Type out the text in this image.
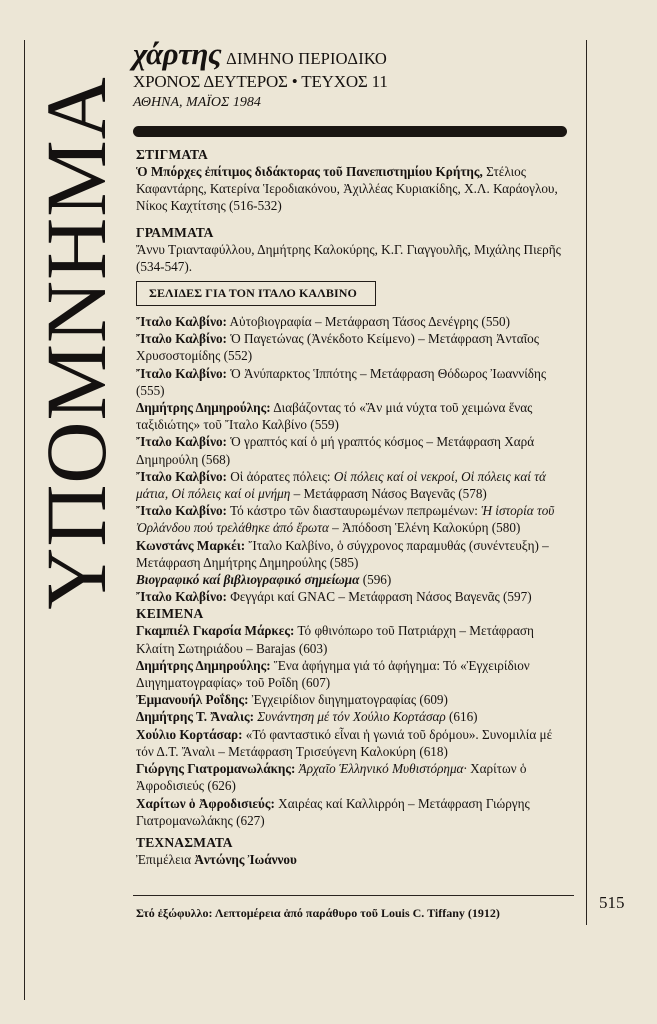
ΥΠΟΜΝΗΜΑ
χάρτης ΔΙΜΗΝΟ ΠΕΡΙΟΔΙΚΟ
ΧΡΟΝΟΣ ΔΕΥΤΕΡΟΣ • ΤΕΥΧΟΣ 11
ΑΘΗΝΑ, ΜΑΪΟΣ 1984
ΣΤΙΓΜΑΤΑ

Ὁ Μπόρχες ἐπίτιμος διδάκτορας τοῦ Πανεπιστημίου Κρήτης, Στέλιος Καφαντάρης, Κατερίνα Ἱεροδιακόνου, Ἀχιλλέας Κυριακίδης, Χ.Λ. Καράογλου, Νίκος Καχτίτσης (516-532)

ΓΡΑΜΜΑΤΑ

Ἄννυ Τριανταφύλλου, Δημήτρης Καλοκύρης, Κ.Γ. Γιαγγουλῆς, Μιχάλης Πιερῆς (534-547).

ΣΕΛΙΔΕΣ ΓΙΑ ΤΟΝ ΙΤΑΛΟ ΚΑΛΒΙΝΟ

Ἴταλο Καλβίνο: Αὐτοβιογραφία – Μετάφραση Τάσος Δενέγρης (550)

Ἴταλο Καλβίνο: Ὁ Παγετώνας (Ἀνέκδοτο Κείμενο) – Μετάφραση Ἀνταῖος Χρυσοστομίδης (552)

Ἴταλο Καλβίνο: Ὁ Ἀνύπαρκτος Ἱππότης – Μετάφραση Θόδωρος Ἰωαννίδης (555)

Δημήτρης Δημηρούλης: Διαβάζοντας τό «Ἄν μιά νύχτα τοῦ χειμώνα ἕνας ταξιδιώτης» τοῦ Ἴταλο Καλβίνο (559)

Ἴταλο Καλβίνο: Ὁ γραπτός καί ὁ μή γραπτός κόσμος – Μετάφραση Χαρά Δημηρούλη (568)

Ἴταλο Καλβίνο: Οἱ ἀόρατες πόλεις: Οἱ πόλεις καί οἱ νεκροί, Οἱ πόλεις καί τά μάτια, Οἱ πόλεις καί οἱ μνήμη – Μετάφραση Νάσος Βαγενᾶς (578)

Ἴταλο Καλβίνο: Τό κάστρο τῶν διασταυρωμένων πεπρωμένων: Ἡ ἱστορία τοῦ Ὀρλάνδου πού τρελάθηκε ἀπό ἔρωτα – Ἀπόδοση Ἑλένη Καλοκύρη (580)

Κωνστάνς Μαρκέι: Ἴταλο Καλβίνο, ὁ σύγχρονος παραμυθάς (συνέντευξη) – Μετάφραση Δημήτρης Δημηρούλης (585)

Βιογραφικό καί βιβλιογραφικό σημείωμα (596)

Ἴταλο Καλβίνο: Φεγγάρι καί GNAC – Μετάφραση Νάσος Βαγενᾶς (597)

ΚΕΙΜΕΝΑ

Γκαμπιέλ Γκαρσία Μάρκες: Τό φθινόπωρο τοῦ Πατριάρχη – Μετάφραση Κλαίτη Σωτηριάδου – Barajas (603)

Δημήτρης Δημηρούλης: Ἕνα ἀφήγημα γιά τό ἀφήγημα: Τό «Ἐγχειρίδιον Διηγηματογραφίας» τοῦ Ροΐδη (607)

Ἐμμανουήλ Ροΐδης: Ἐγχειρίδιον διηγηματογραφίας (609)

Δημήτρης Τ. Ἄναλις: Συνάντηση μέ τόν Χούλιο Κορτάσαρ (616)

Χούλιο Κορτάσαρ: «Τό φανταστικό εἶναι ἡ γωνιά τοῦ δρόμου». Συνομιλία μέ τόν Δ.Τ. Ἄναλι – Μετάφραση Τρισεύγενη Καλοκύρη (618)

Γιώργης Γιατρομανωλάκης: Ἀρχαῖο Ἑλληνικό Μυθιστόρημα· Χαρίτων ὁ Ἀφροδισιεύς (626)

Χαρίτων ὁ Ἀφροδισιεύς: Χαιρέας καί Καλλιρρόη – Μετάφραση Γιώργης Γιατρομανωλάκης (627)

ΤΕΧΝΑΣΜΑΤΑ

Ἐπιμέλεια Ἀντώνης Ἰωάννου

Στό ἐξώφυλλο: Λεπτομέρεια ἀπό παράθυρο τοῦ Louis C. Tiffany (1912)
515
